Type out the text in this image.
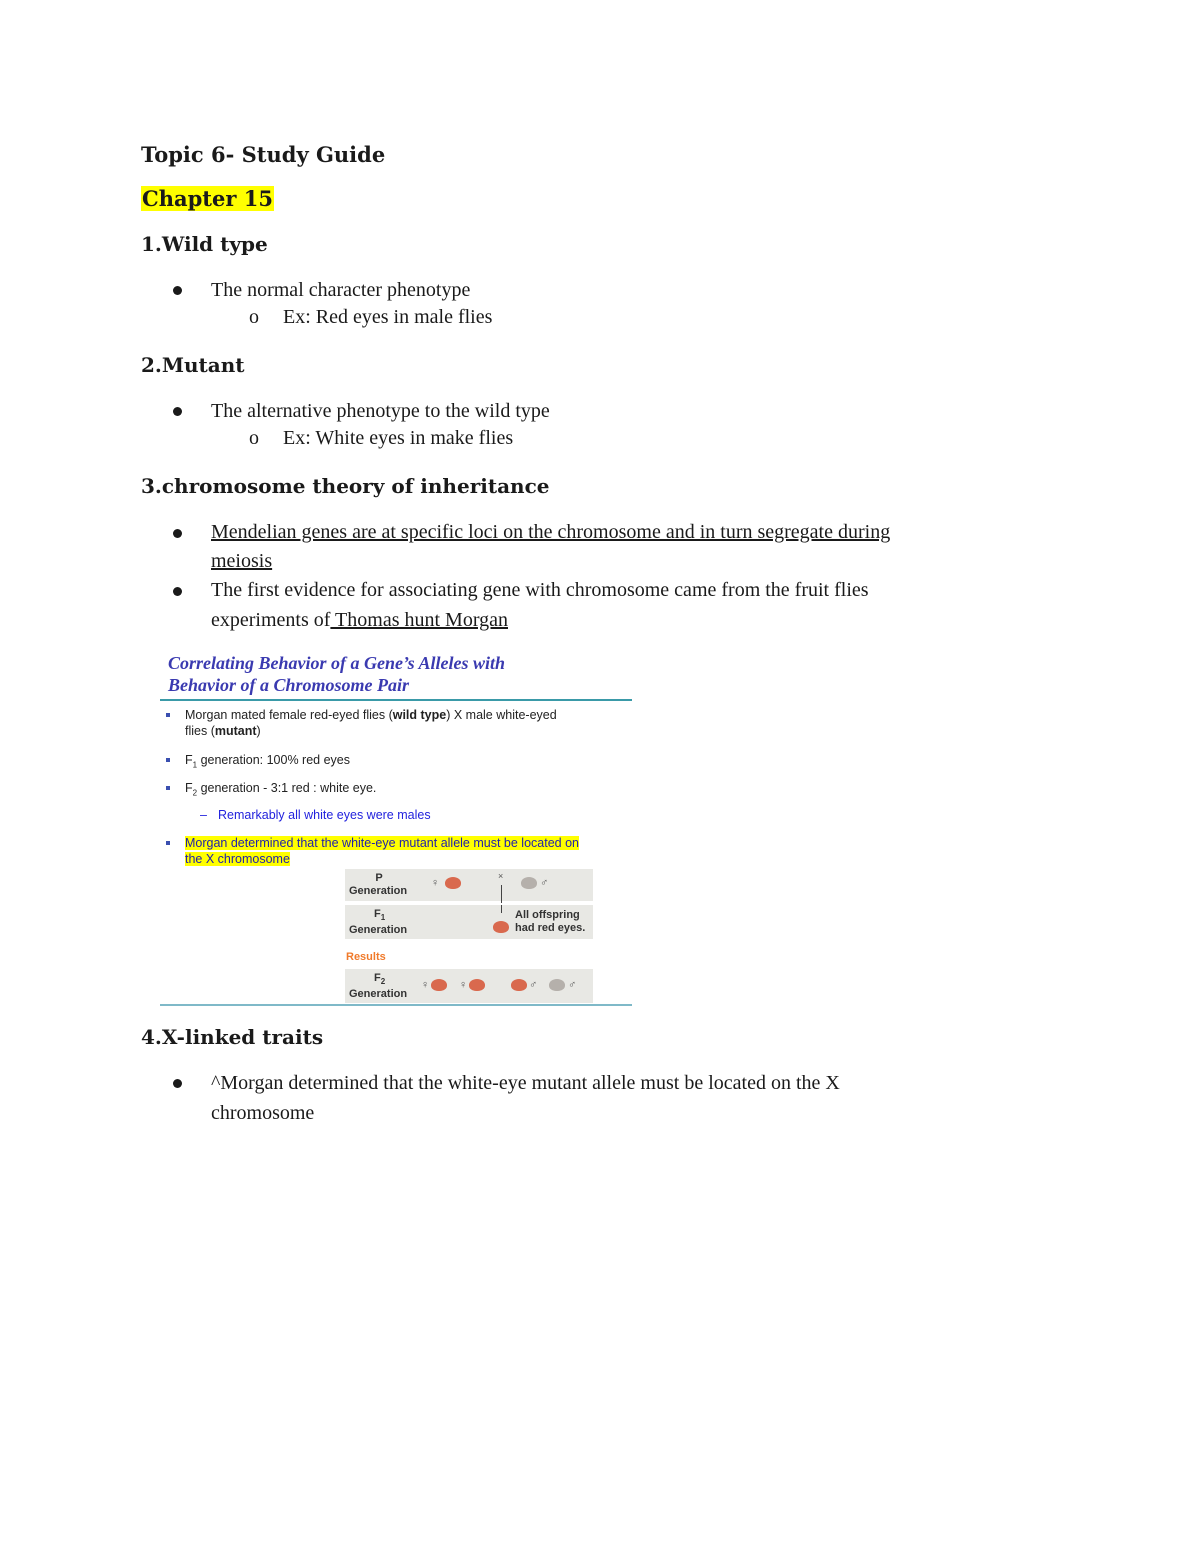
Topic 6- Study Guide
Chapter 15
1.Wild type
The normal character phenotype
o Ex: Red eyes in male flies
2.Mutant
The alternative phenotype to the wild type
o Ex: White eyes in make flies
3.chromosome theory of inheritance
Mendelian genes are at specific loci on the chromosome and in turn segregate during
meiosis
The first evidence for associating gene with chromosome came from the fruit flies
experiments of Thomas hunt Morgan
Correlating Behavior of a Gene’s Alleles with
Behavior of a Chromosome Pair
Morgan mated female red-eyed flies (wild type) X male white-eyed
flies (mutant)
$F_1$ generation: 100% red eyes
$F_2$ generation - 3:1 red : white eye.
– Remarkably all white eyes were males
Morgan determined that the white-eye mutant allele must be located on
the X chromosome
P
Generation
♀
×
♂
$F_1$
Generation
All offspring
had red eyes.
Results
$F_2$
Generation
♀	♀	♂	♂
4.X-linked traits
^Morgan determined that the white-eye mutant allele must be located on the X
chromosome
